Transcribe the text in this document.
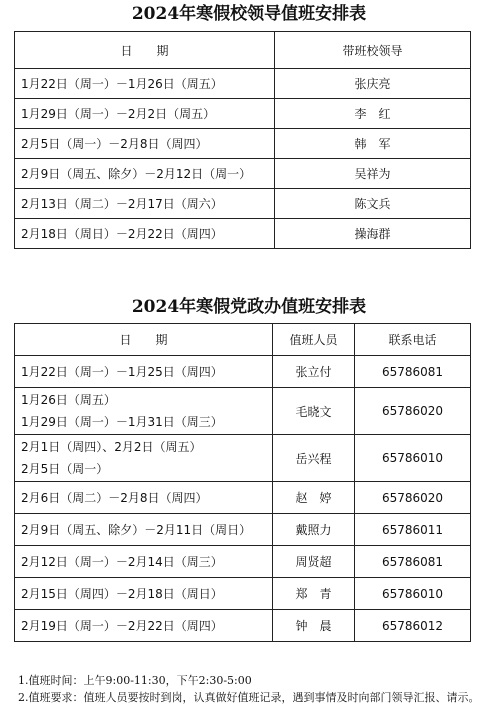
2024年寒假校领导值班安排表
日　　期	带班校领导
1月22日（周一）－1月26日（周五）	张庆亮
1月29日（周一）－2月2日（周五）	李　红
2月5日（周一）－2月8日（周四）	韩　军
2月9日（周五、除夕）－2月12日（周一）	吴祥为
2月13日（周二）－2月17日（周六）	陈文兵
2月18日（周日）－2月22日（周四）	操海群
2024年寒假党政办值班安排表
日　　期	值班人员	联系电话
1月22日（周一）－1月25日（周四）	张立付	65786081

1月26日（周五）
1月29日（周一）－1月31日（周三）	毛晓文	65786020

2月1日（周四）、2月2日（周五）
2月5日（周一）	岳兴程	65786010
2月6日（周二）－2月8日（周四）	赵　婷	65786020
2月9日（周五、除夕）－2月11日（周日）	戴照力	65786011
2月12日（周一）－2月14日（周三）	周贤超	65786081
2月15日（周四）－2月18日（周日）	郑　青	65786010
2月19日（周一）－2月22日（周四）	钟　晨	65786012
1.值班时间：上午9:00-11:30，下午2:30-5:00
2.值班要求：值班人员要按时到岗，认真做好值班记录，遇到事情及时向部门领导汇报、请示。
